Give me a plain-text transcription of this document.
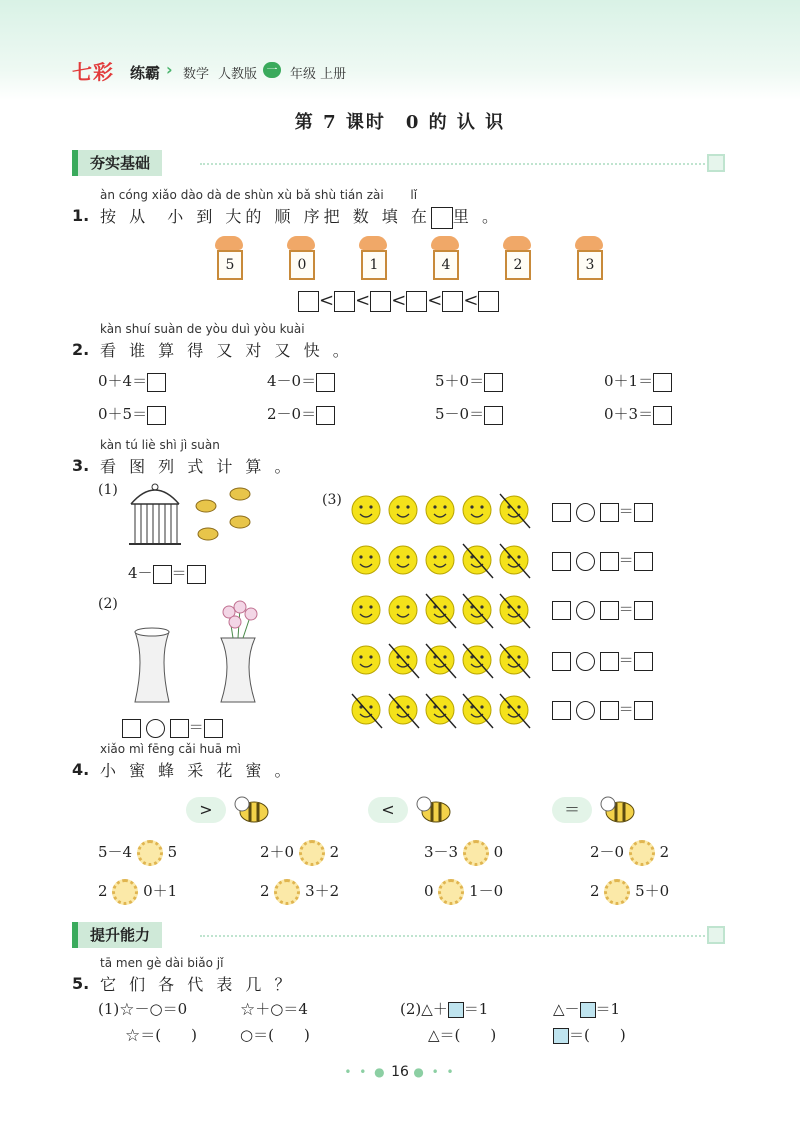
七彩 练霸 › 数学 人教版 一 年级 上册
第 7 课时　0 的 认 识
夯实基础
àn cóng xiǎo dào dà de shùn xù bǎ shù tián zài       lǐ
1. 按 从  小 到 大的 顺 序把 数 填 在 里 。
5	0	1	4	2	3
< < < < <
kàn shuí suàn de yòu duì yòu kuài
2. 看 谁 算 得 又 对 又 快 。
0＋4＝	4－0＝	5＋0＝	0＋1＝
0＋5＝	2－0＝	5－0＝	0＋3＝
kàn tú liè shì jì suàn
3. 看 图 列 式 计 算 。
(1)
4－ ＝
(2)
＝
(3)
＝
＝
＝
＝
＝
xiǎo mì fēng cǎi huā mì
4. 小 蜜 蜂 采 花 蜜 。
>	<	＝
5－4 5	2＋0 2	3－3 0	2－0 2
2 0＋1	2 3＋2	0 1－0	2 5＋0
提升能力
tā men gè dài biǎo jǐ
5. 它 们 各 代 表 几 ？
(1)☆－○＝0	☆＋○＝4
☆＝(　　)	○＝(　　)
(2)△＋ ＝1	△－ ＝1
△＝(　　)	＝(　　)
• • ● 16 ● • •
